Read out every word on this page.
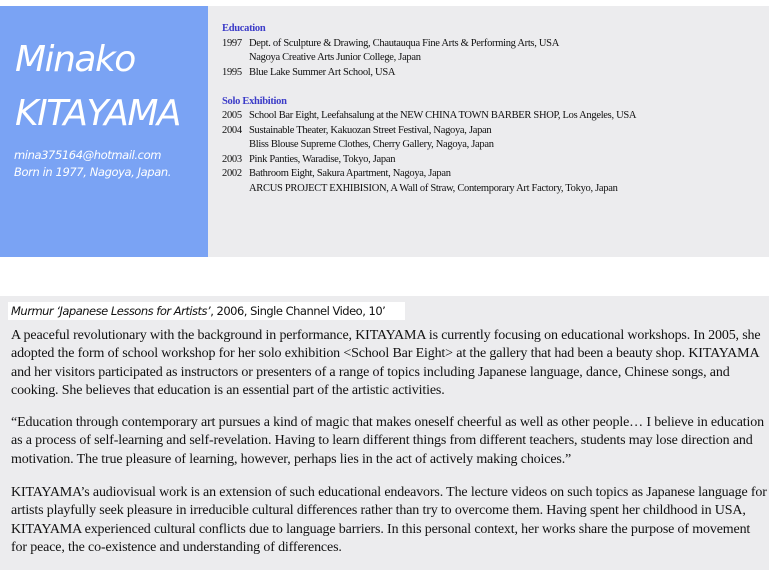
Minako
KITAYAMA
mina375164@hotmail.com
Born in 1977, Nagoya, Japan.
Education
1997 Dept. of Sculpture & Drawing, Chautauqua Fine Arts & Performing Arts, USA
Nagoya Creative Arts Junior College, Japan
1995 Blue Lake Summer Art School, USA
Solo Exhibition
2005 School Bar Eight, Leefahsalung at the NEW CHINA TOWN BARBER SHOP, Los Angeles, USA
2004 Sustainable Theater, Kakuozan Street Festival, Nagoya, Japan
Bliss Blouse Supreme Clothes, Cherry Gallery, Nagoya, Japan
2003 Pink Panties, Waradise, Tokyo, Japan
2002 Bathroom Eight, Sakura Apartment, Nagoya, Japan
ARCUS PROJECT EXHIBISION, A Wall of Straw, Contemporary Art Factory, Tokyo, Japan
Murmur ‘Japanese Lessons for Artists’, 2006, Single Channel Video, 10’

A peaceful revolutionary with the background in performance, KITAYAMA is currently focusing on educational workshops. In 2005, she adopted the form of school workshop for her solo exhibition <School Bar Eight> at the gallery that had been a beauty shop. KITAYAMA and her visitors participated as instructors or presenters of a range of topics including Japanese language, dance, Chinese songs, and cooking. She believes that education is an essential part of the artistic activities.

“Education through contemporary art pursues a kind of magic that makes oneself cheerful as well as other people… I believe in education as a process of self-learning and self-revelation. Having to learn different things from different teachers, students may lose direction and motivation. The true pleasure of learning, however, perhaps lies in the act of actively making choices.”

KITAYAMA’s audiovisual work is an extension of such educational endeavors. The lecture videos on such topics as Japanese language for artists playfully seek pleasure in irreducible cultural differences rather than try to overcome them. Having spent her childhood in USA, KITAYAMA experienced cultural conflicts due to language barriers. In this personal context, her works share the purpose of movement for peace, the co-existence and understanding of differences.
